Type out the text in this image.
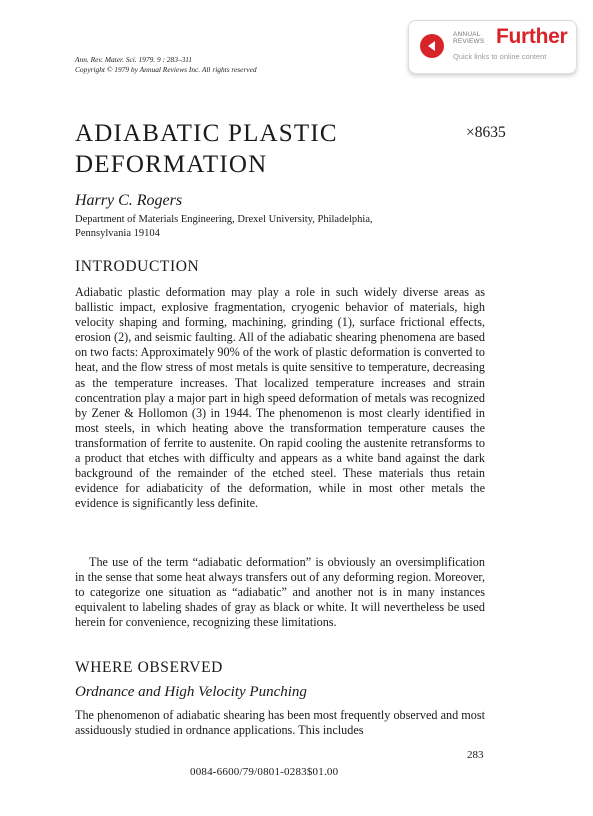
Ann. Rev. Mater. Sci. 1979. 9 : 283–311
Copyright © 1979 by Annual Reviews Inc. All rights reserved
ANNUAL
REVIEWS Further
Quick links to online content
ADIABATIC PLASTIC
DEFORMATION
×8635
Harry C. Rogers
Department of Materials Engineering, Drexel University, Philadelphia,
Pennsylvania 19104
INTRODUCTION

Adiabatic plastic deformation may play a role in such widely diverse areas as ballistic impact, explosive fragmentation, cryogenic behavior of materials, high velocity shaping and forming, machining, grinding (1), surface frictional effects, erosion (2), and seismic faulting. All of the adiabatic shearing phenomena are based on two facts: Approximately 90% of the work of plastic deformation is converted to heat, and the flow stress of most metals is quite sensitive to temperature, decreasing as the temperature increases. That localized temperature increases and strain concentration play a major part in high speed deformation of metals was recognized by Zener & Hollomon (3) in 1944. The phenomenon is most clearly identified in most steels, in which heating above the transformation temperature causes the transformation of ferrite to austenite. On rapid cooling the austenite retransforms to a product that etches with difficulty and appears as a white band against the dark background of the remainder of the etched steel. These materials thus retain evidence for adiabaticity of the deformation, while in most other metals the evidence is significantly less definite.

The use of the term “adiabatic deformation” is obviously an oversimplification in the sense that some heat always transfers out of any deforming region. Moreover, to categorize one situation as “adiabatic” and another not is in many instances equivalent to labeling shades of gray as black or white. It will nevertheless be used herein for convenience, recognizing these limitations.

WHERE OBSERVED
Ordnance and High Velocity Punching

The phenomenon of adiabatic shearing has been most frequently observed and most assiduously studied in ordnance applications. This includes

283
0084-6600/79/0801-0283$01.00
